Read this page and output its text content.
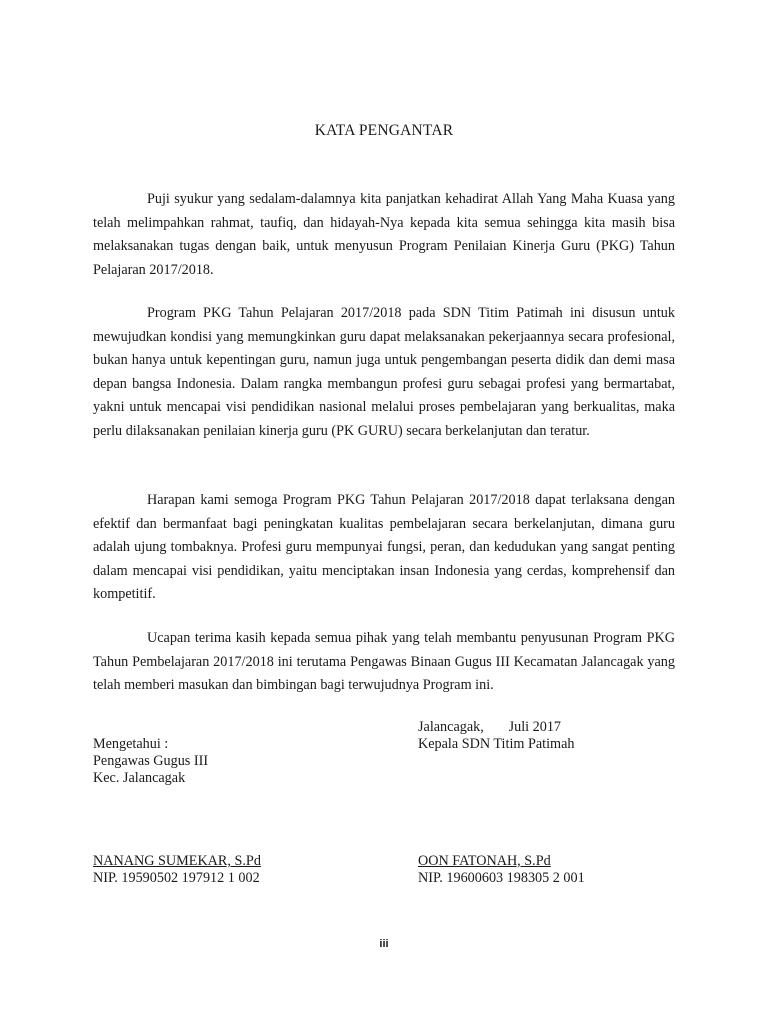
KATA PENGANTAR

Puji syukur yang sedalam-dalamnya kita panjatkan kehadirat Allah Yang Maha Kuasa yang telah melimpahkan rahmat, taufiq, dan hidayah-Nya kepada kita semua sehingga kita masih bisa melaksanakan tugas dengan baik, untuk menyusun Program Penilaian Kinerja Guru (PKG) Tahun Pelajaran 2017/2018.

Program PKG Tahun Pelajaran 2017/2018 pada SDN Titim Patimah ini disusun untuk mewujudkan kondisi yang memungkinkan guru dapat melaksanakan pekerjaannya secara profesional, bukan hanya untuk kepentingan guru, namun juga untuk pengembangan peserta didik dan demi masa depan bangsa Indonesia. Dalam rangka membangun profesi guru sebagai profesi yang bermartabat, yakni untuk mencapai visi pendidikan nasional melalui proses pembelajaran yang berkualitas, maka perlu dilaksanakan penilaian kinerja guru (PK GURU) secara berkelanjutan dan teratur.

Harapan kami semoga Program PKG Tahun Pelajaran 2017/2018 dapat terlaksana dengan efektif dan bermanfaat bagi peningkatan kualitas pembelajaran secara berkelanjutan, dimana guru adalah ujung tombaknya. Profesi guru mempunyai fungsi, peran, dan kedudukan yang sangat penting dalam mencapai visi pendidikan, yaitu menciptakan insan Indonesia yang cerdas, komprehensif dan kompetitif.

Ucapan terima kasih kepada semua pihak yang telah membantu penyusunan Program PKG Tahun Pembelajaran 2017/2018 ini terutama Pengawas Binaan Gugus III Kecamatan Jalancagak yang telah memberi masukan dan bimbingan bagi terwujudnya Program ini.

Jalancagak,       Juli 2017
Kepala SDN Titim Patimah
OON FATONAH, S.Pd
NIP. 19600603 198305 2 001
Mengetahui :
Pengawas Gugus III
Kec. Jalancagak
NANANG SUMEKAR, S.Pd
NIP. 19590502 197912 1 002
iii
